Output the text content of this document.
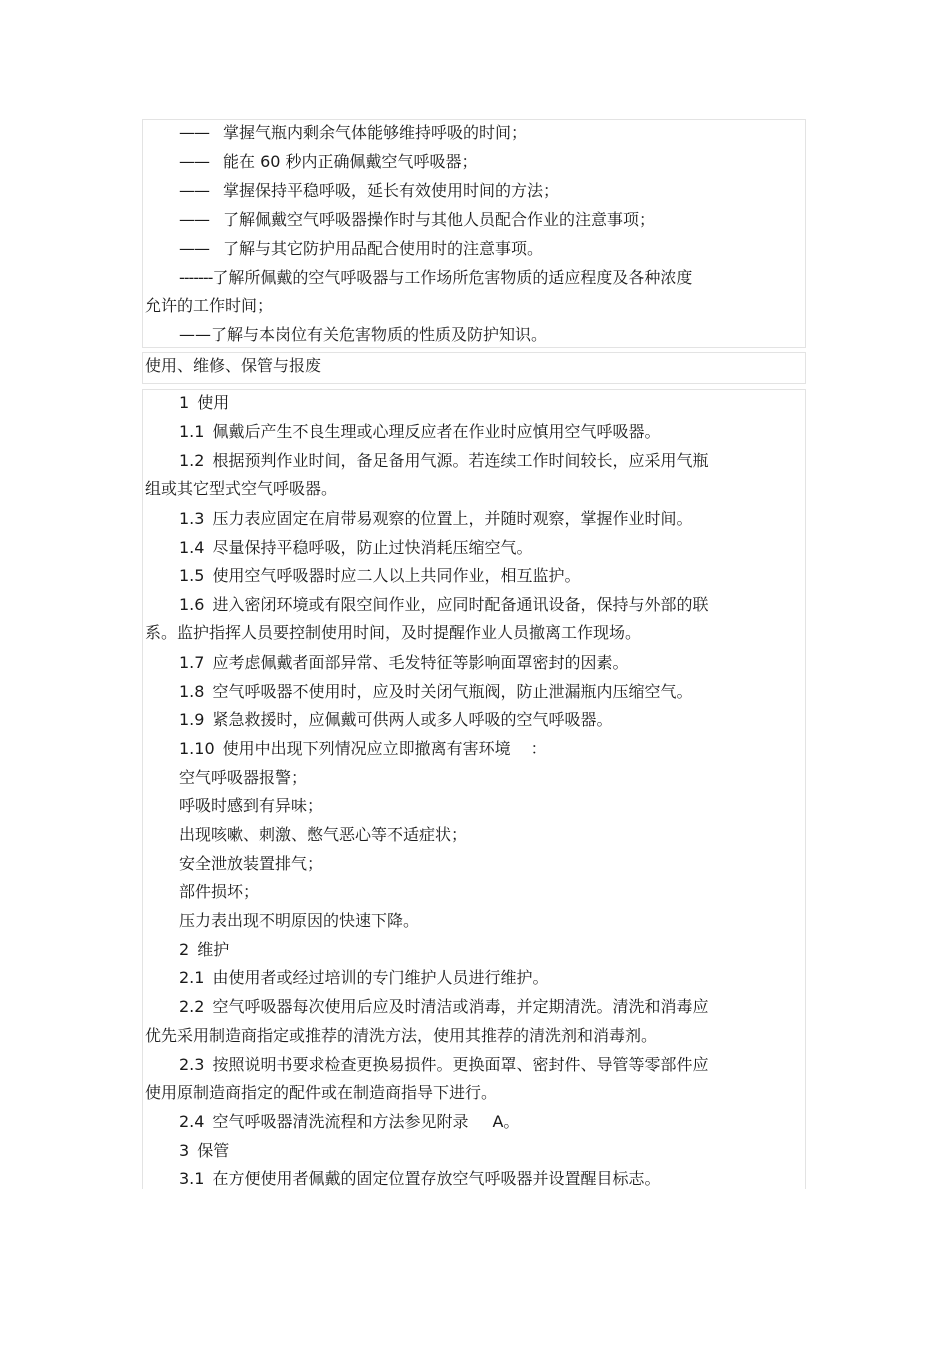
—— 掌握气瓶内剩余气体能够维持呼吸的时间；
—— 能在 60 秒内正确佩戴空气呼吸器；
—— 掌握保持平稳呼吸，延长有效使用时间的方法；
—— 了解佩戴空气呼吸器操作时与其他人员配合作业的注意事项；
—— 了解与其它防护用品配合使用时的注意事项。
-------了解所佩戴的空气呼吸器与工作场所危害物质的适应程度及各种浓度
允许的工作时间；
——了解与本岗位有关危害物质的性质及防护知识。
使用、维修、保管与报废
1 使用
1.1 佩戴后产生不良生理或心理反应者在作业时应慎用空气呼吸器。
1.2 根据预判作业时间，备足备用气源。若连续工作时间较长，应采用气瓶
组或其它型式空气呼吸器。
1.3 压力表应固定在肩带易观察的位置上，并随时观察，掌握作业时间。
1.4 尽量保持平稳呼吸，防止过快消耗压缩空气。
1.5 使用空气呼吸器时应二人以上共同作业，相互监护。
1.6 进入密闭环境或有限空间作业，应同时配备通讯设备，保持与外部的联
系。监护指挥人员要控制使用时间，及时提醒作业人员撤离工作现场。
1.7 应考虑佩戴者面部异常、毛发特征等影响面罩密封的因素。
1.8 空气呼吸器不使用时，应及时关闭气瓶阀，防止泄漏瓶内压缩空气。
1.9 紧急救援时，应佩戴可供两人或多人呼吸的空气呼吸器。
1.10 使用中出现下列情况应立即撤离有害环境 ：
空气呼吸器报警；
呼吸时感到有异味；
出现咳嗽、刺激、憋气恶心等不适症状；
安全泄放装置排气；
部件损坏；
压力表出现不明原因的快速下降。
2 维护
2.1 由使用者或经过培训的专门维护人员进行维护。
2.2 空气呼吸器每次使用后应及时清洁或消毒，并定期清洗。清洗和消毒应
优先采用制造商指定或推荐的清洗方法，使用其推荐的清洗剂和消毒剂。
2.3 按照说明书要求检查更换易损件。更换面罩、密封件、导管等零部件应
使用原制造商指定的配件或在制造商指导下进行。
2.4 空气呼吸器清洗流程和方法参见附录 A。
3 保管
3.1 在方便使用者佩戴的固定位置存放空气呼吸器并设置醒目标志。
